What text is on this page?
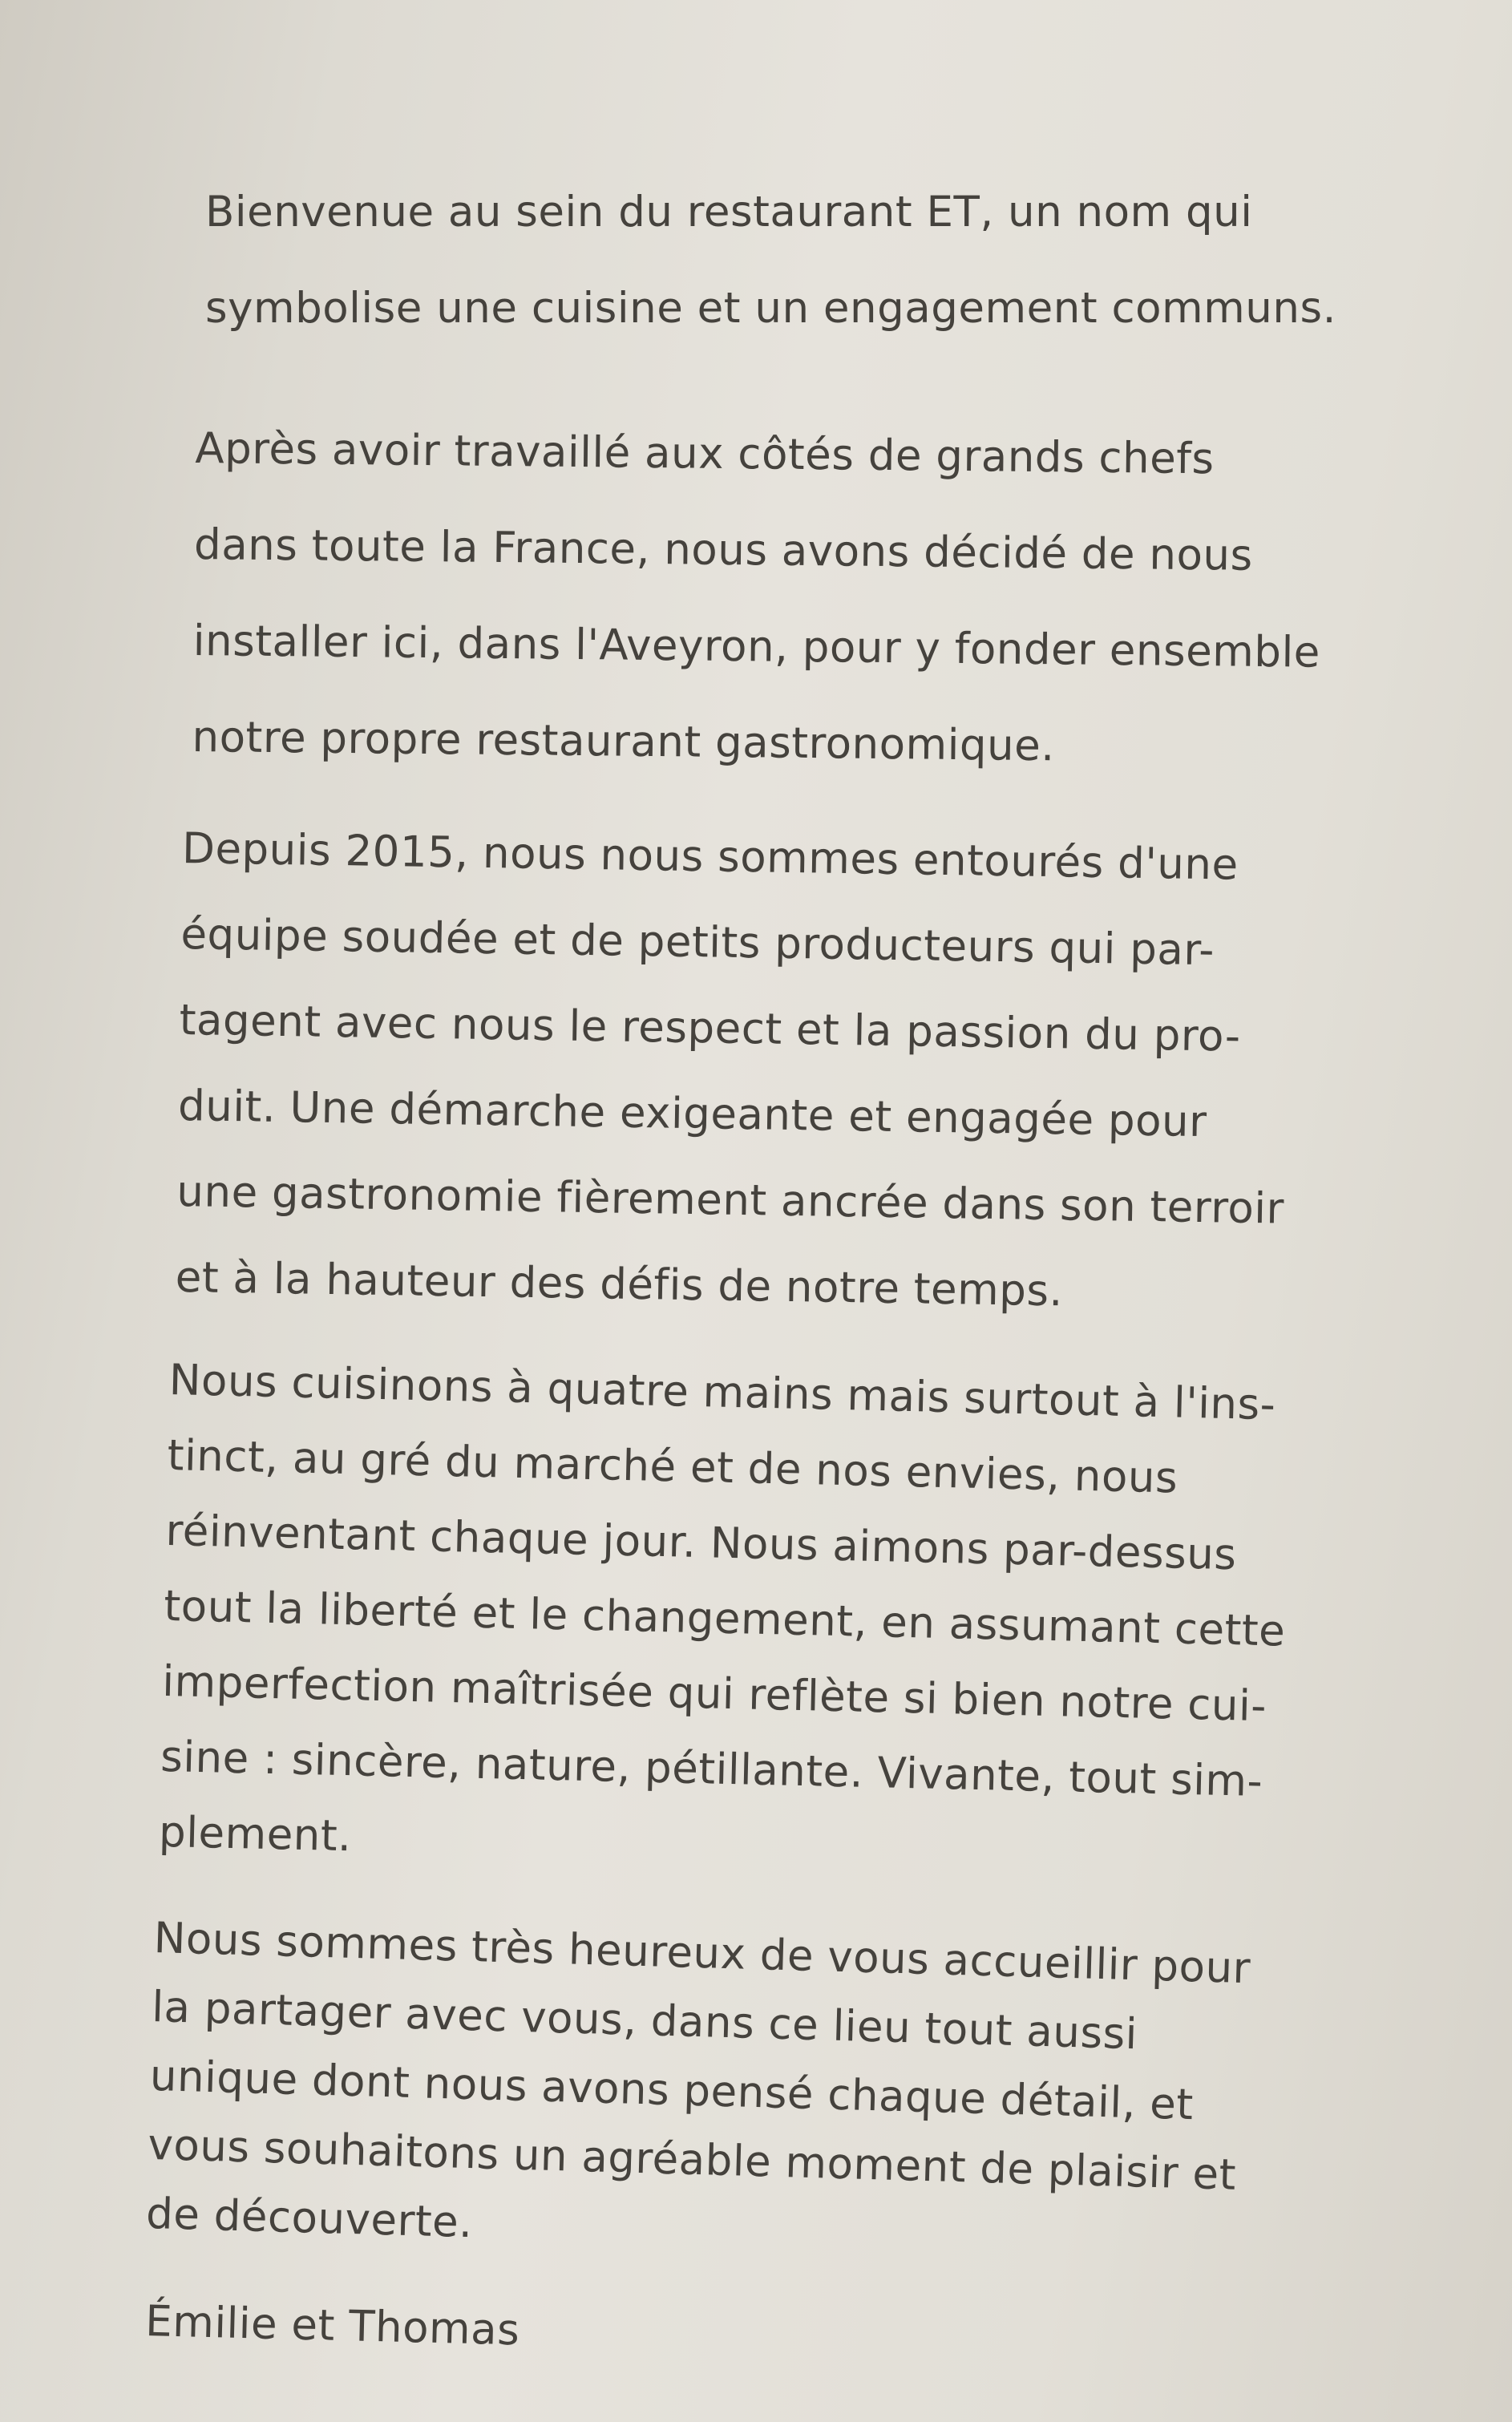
Bienvenue au sein du restaurant ET, un nom qui
symbolise une cuisine et un engagement communs.

Après avoir travaillé aux côtés de grands chefs
dans toute la France, nous avons décidé de nous
installer ici, dans l'Aveyron, pour y fonder ensemble
notre propre restaurant gastronomique.

Depuis 2015, nous nous sommes entourés d'une
équipe soudée et de petits producteurs qui par-
tagent avec nous le respect et la passion du pro-
duit. Une démarche exigeante et engagée pour
une gastronomie fièrement ancrée dans son terroir
et à la hauteur des défis de notre temps.

Nous cuisinons à quatre mains mais surtout à l'ins-
tinct, au gré du marché et de nos envies, nous
réinventant chaque jour. Nous aimons par-dessus
tout la liberté et le changement, en assumant cette
imperfection maîtrisée qui reflète si bien notre cui-
sine : sincère, nature, pétillante. Vivante, tout sim-
plement.

Nous sommes très heureux de vous accueillir pour
la partager avec vous, dans ce lieu tout aussi
unique dont nous avons pensé chaque détail, et
vous souhaitons un agréable moment de plaisir et
de découverte.

Émilie et Thomas
